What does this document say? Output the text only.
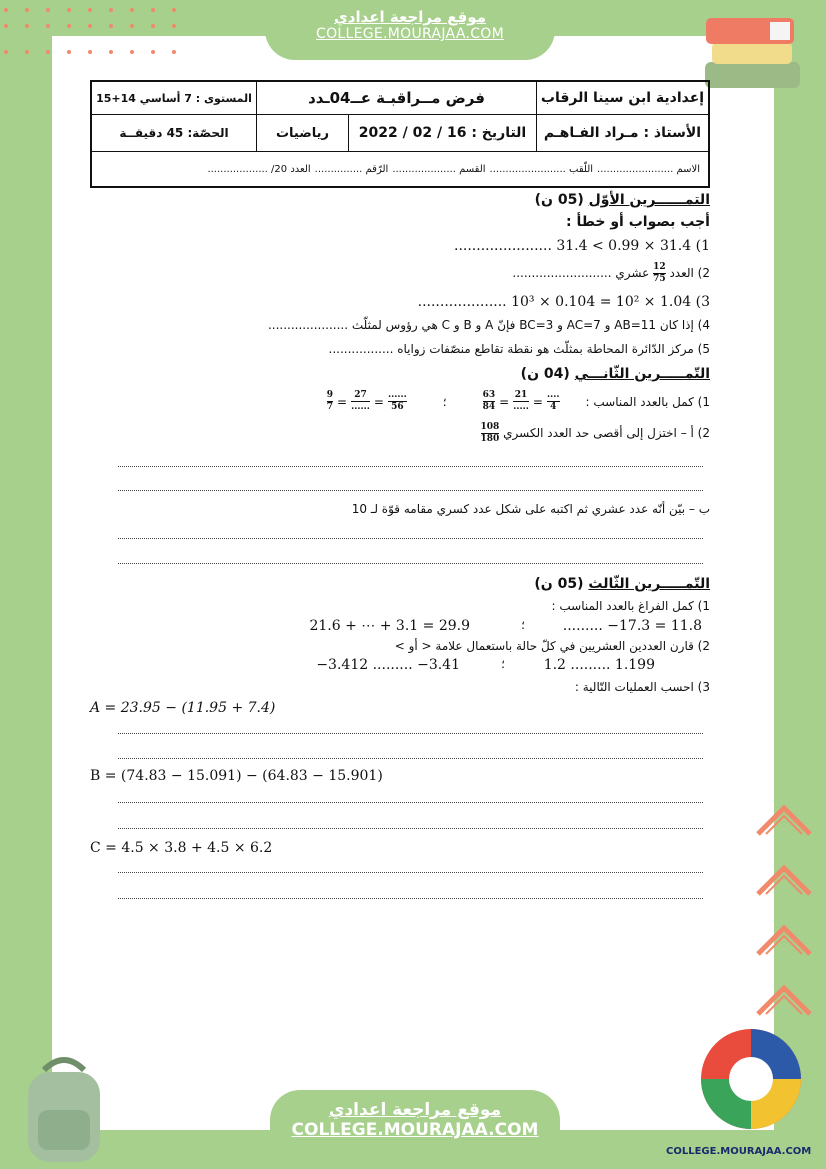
موقع مراجعة اعدادي
COLLEGE.MOURAJAA.COM
إعدادية ابن سينا الرقاب
فرض مــراقبـة عــ04ـدد
المستوى : 7 أساسي 14+15
الأستاذ : مـراد الفـاهـم
التاريخ : 16 / 02 / 2022
رياضيات
الحصّة: 45 دقيقــة
الاسم ........................
اللّقب ........................
القسم ....................
الرّقم ...............
العدد 20/ ...................
التمــــــرين الأوّل (05 ن)
أجب بصواب أو خطأ :
1) 31.4 × 0.99 > 31.4 ......................
2) العدد
$\frac{12}{75}$
عشري ..........................
3) 1.04 × 10² = 0.104 × 10³ ....................
4) إذا كان AB=11 و AC=7 و BC=3 فإنّ A و B و C هي رؤوس لمثلّث .....................
5) مركز الدّائرة المحاطة بمثلّث هو نقطة تقاطع منصّفات زواياه .................
التّمـــــرين الثّانـــي (04 ن)
1) كمل بالعدد المناسب :
63
84 = 21
..... = ....
4
؛
9
7 = 27
...... = ......
56
2) أ – اختزل إلى أقصى حد العدد الكسري
$\frac{108}{180}$
ب – بيّن أنّه عدد عشري ثم اكتبه على شكل عدد كسري مقامه قوّة لـ 10
التّمـــــرين الثّالث (05 ن)
1) كمل الفراغ بالعدد المناسب :
......... −17.3 = 11.8
؛
21.6 + ⋯ + 3.1 = 29.9
2) قارن العددين العشريين في كلّ حالة باستعمال علامة < أو >
1.2 ......... 1.199
؛
−3.412 ......... −3.41
3) احسب العمليات التّالية :
A = 23.95 − (11.95 + 7.4)
B = (74.83 − 15.091) − (64.83 − 15.901)
C = 4.5 × 3.8 + 4.5 × 6.2
موقع مراجعة اعدادي
COLLEGE.MOURAJAA.COM
COLLEGE.MOURAJAA.COM
